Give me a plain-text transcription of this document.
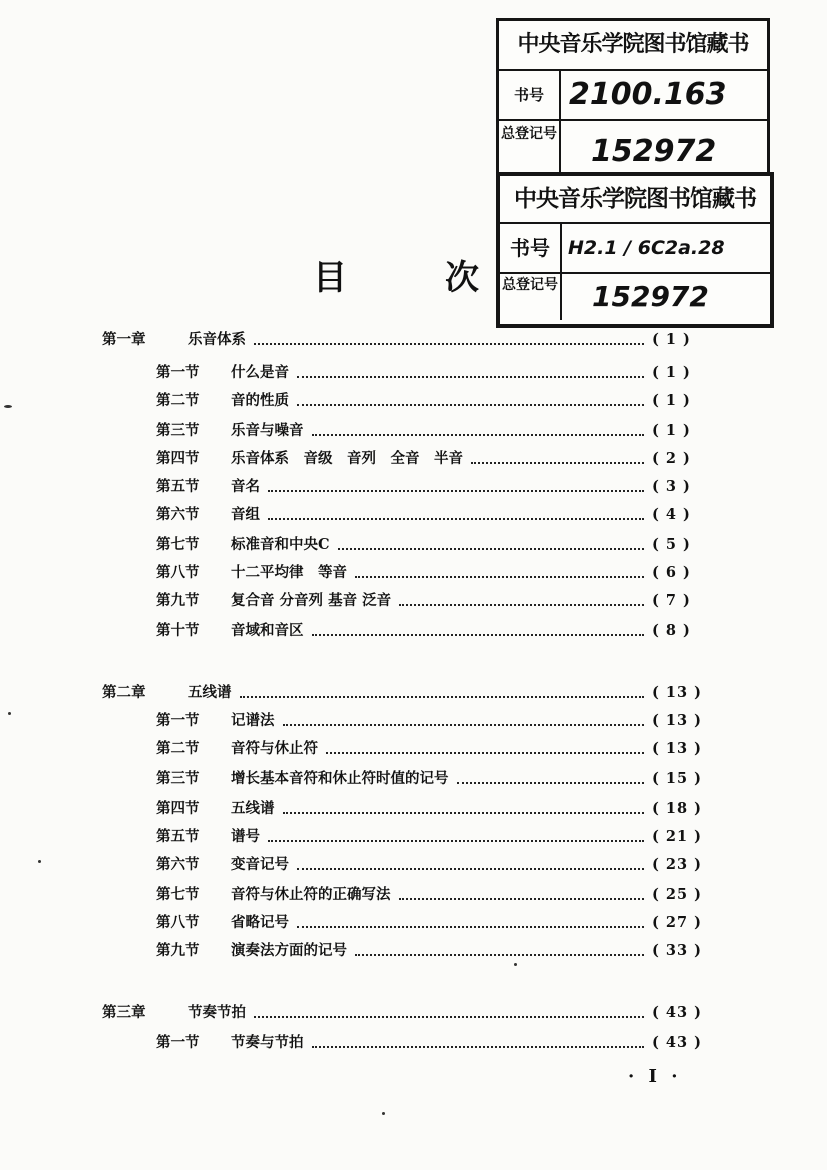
目	次
中央音乐学院图书馆藏书
书号 2100.163
总登记号	152972
中央音乐学院图书馆藏书
书号 H2.1 / 6C2a.28
总登记号	152972
第一章	乐音体系	( 1 )
第一节	什么是音	( 1 )
第二节	音的性质	( 1 )
第三节	乐音与噪音	( 1 )
第四节	乐音体系　音级　音列　全音　半音	( 2 )
第五节	音名	( 3 )
第六节	音组	( 4 )
第七节	标准音和中央C	( 5 )
第八节	十二平均律　等音	( 6 )
第九节	复合音 分音列 基音 泛音	( 7 )
第十节	音域和音区	( 8 )
第二章	五线谱	( 13 )
第一节	记谱法	( 13 )
第二节	音符与休止符	( 13 )
第三节	增长基本音符和休止符时值的记号	( 15 )
第四节	五线谱	( 18 )
第五节	谱号	( 21 )
第六节	变音记号	( 23 )
第七节	音符与休止符的正确写法	( 25 )
第八节	省略记号	( 27 )
第九节	演奏法方面的记号	( 33 )
第三章	节奏节拍	( 43 )
第一节	节奏与节拍	( 43 )
· I ·
